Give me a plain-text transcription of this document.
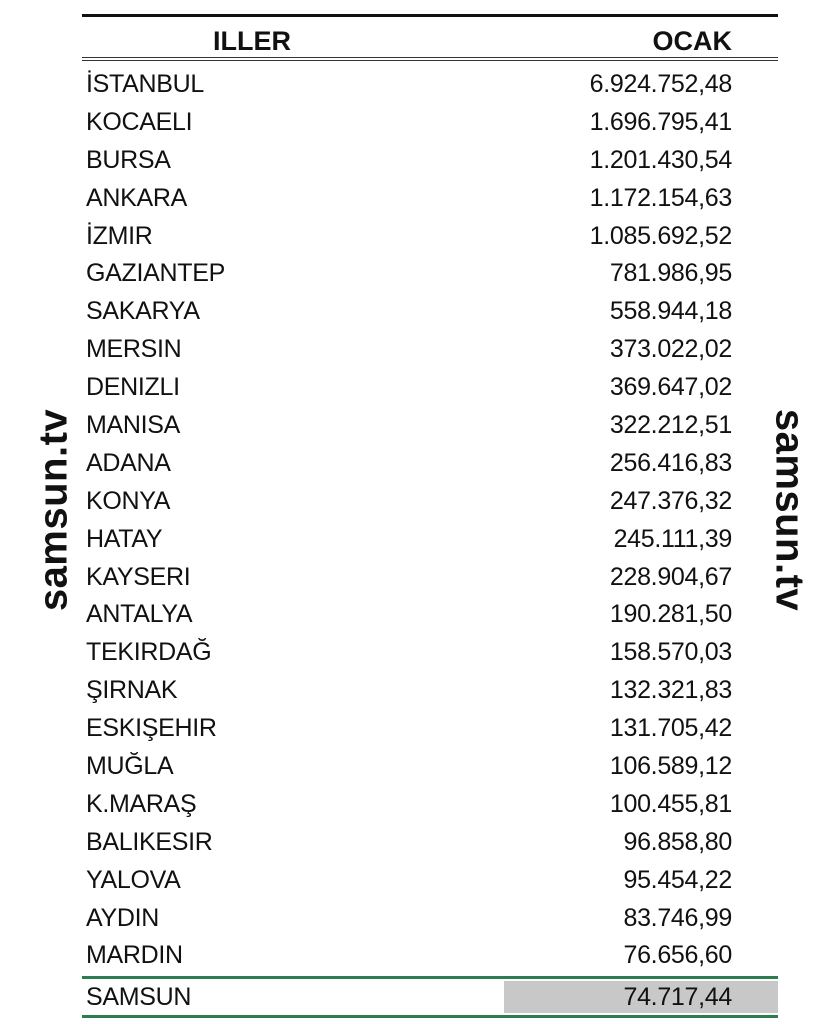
samsun.tv	samsun.tv
ILLER	OCAK
İSTANBUL	6.924.752,48
KOCAELI	1.696.795,41
BURSA	1.201.430,54
ANKARA	1.172.154,63
İZMIR	1.085.692,52
GAZIANTEP	781.986,95
SAKARYA	558.944,18
MERSIN	373.022,02
DENIZLI	369.647,02
MANISA	322.212,51
ADANA	256.416,83
KONYA	247.376,32
HATAY	245.111,39
KAYSERI	228.904,67
ANTALYA	190.281,50
TEKIRDAĞ	158.570,03
ŞIRNAK	132.321,83
ESKIŞEHIR	131.705,42
MUĞLA	106.589,12
K.MARAŞ	100.455,81
BALIKESIR	96.858,80
YALOVA	95.454,22
AYDIN	83.746,99
MARDIN	76.656,60
SAMSUN	74.717,44
